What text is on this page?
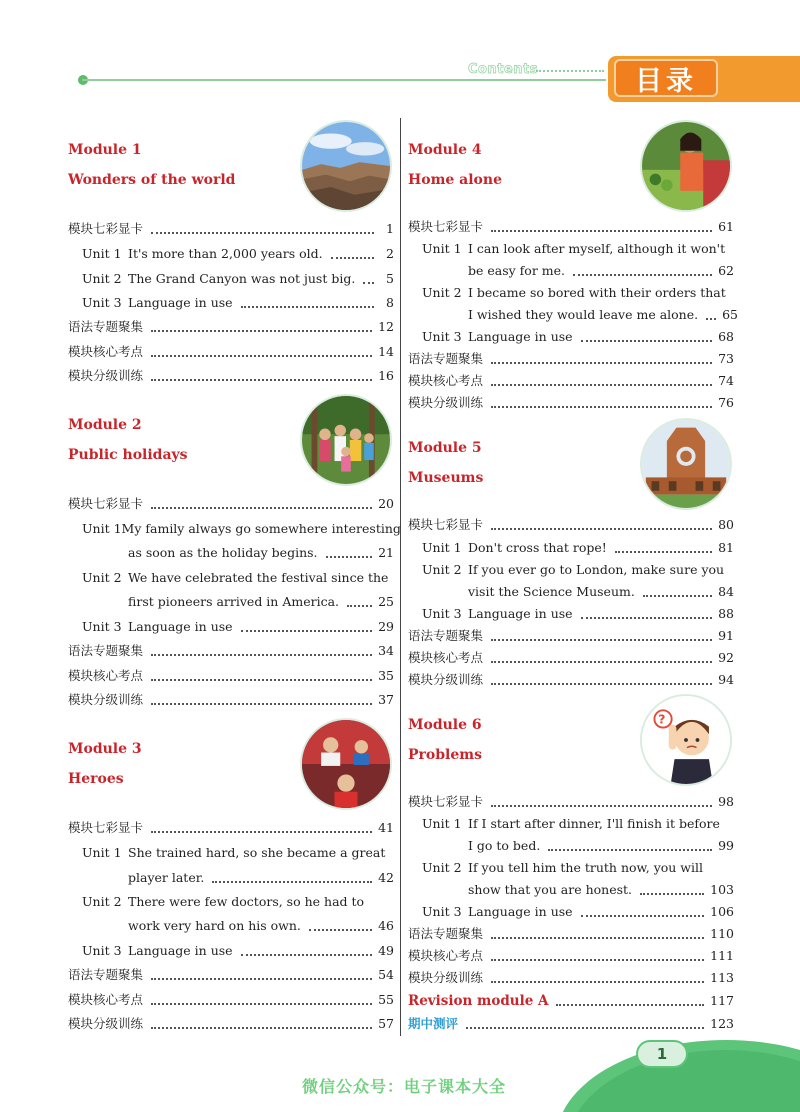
Contents	目录
Module 1
Wonders of the world
模块七彩显卡	1
Unit 1 It's more than 2,000 years old.	2
Unit 2 The Grand Canyon was not just big.	5
Unit 3 Language in use	8
语法专题聚集	12
模块核心考点	14
模块分级训练	16
Module 2
Public holidays
模块七彩显卡	20
Unit 1 My family always go somewhere interesting
as soon as the holiday begins.	21
Unit 2 We have celebrated the festival since the
first pioneers arrived in America.	25
Unit 3 Language in use	29
语法专题聚集	34
模块核心考点	35
模块分级训练	37
Module 3
Heroes
模块七彩显卡	41
Unit 1 She trained hard, so she became a great
player later.	42
Unit 2 There were few doctors, so he had to
work very hard on his own.	46
Unit 3 Language in use	49
语法专题聚集	54
模块核心考点	55
模块分级训练	57
Module 4
Home alone
模块七彩显卡	61
Unit 1 I can look after myself, although it won't
be easy for me.	62
Unit 2 I became so bored with their orders that
I wished they would leave me alone. 65
Unit 3 Language in use	68
语法专题聚集	73
模块核心考点	74
模块分级训练	76
Module 5
Museums
模块七彩显卡	80
Unit 1 Don't cross that rope!	81
Unit 2 If you ever go to London, make sure you
visit the Science Museum.	84
Unit 3 Language in use	88
语法专题聚集	91
模块核心考点	92
模块分级训练	94
Module 6
Problems
?
模块七彩显卡	98
Unit 1 If I start after dinner, I'll finish it before
I go to bed.	99
Unit 2 If you tell him the truth now, you will
show that you are honest.	103
Unit 3 Language in use	106
语法专题聚集	110
模块核心考点	111
模块分级训练	113
Revision module A	117
期中测评	123
1
微信公众号：电子课本大全
